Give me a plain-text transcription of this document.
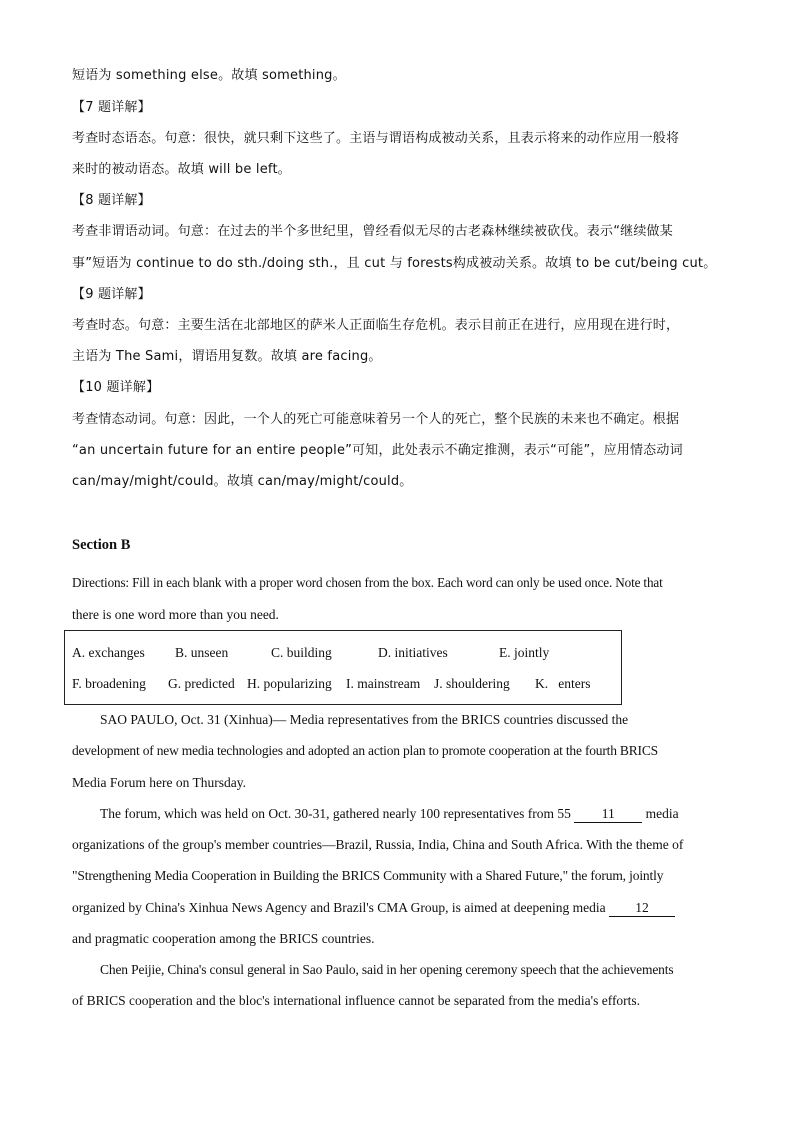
短语为 something else。故填 something。
【7 题详解】
考查时态语态。句意：很快，就只剩下这些了。主语与谓语构成被动关系，且表示将来的动作应用一般将
来时的被动语态。故填 will be left。
【8 题详解】
考查非谓语动词。句意：在过去的半个多世纪里，曾经看似无尽的古老森林继续被砍伐。表示“继续做某
事”短语为 continue to do sth./doing sth.，且 cut 与 forests构成被动关系。故填 to be cut/being cut。
【9 题详解】
考查时态。句意：主要生活在北部地区的萨米人正面临生存危机。表示目前正在进行，应用现在进行时，
主语为 The Sami，谓语用复数。故填 are facing。
【10 题详解】
考查情态动词。句意：因此，一个人的死亡可能意味着另一个人的死亡，整个民族的未来也不确定。根据
“an uncertain future for an entire people”可知，此处表示不确定推测，表示“可能”，应用情态动词
can/may/might/could。故填 can/may/might/could。
Section B
Directions: Fill in each blank with a proper word chosen from the box. Each word can only be used once. Note that
there is one word more than you need.
A. exchanges B. unseen	C. building	D. initiatives	E. jointly
F. broadening G. predicted H. popularizing I. mainstream J. shouldering K.   enters
SAO PAULO, Oct. 31 (Xinhua)— Media representatives from the BRICS countries discussed the
development of new media technologies and adopted an action plan to promote cooperation at the fourth BRICS
Media Forum here on Thursday.
The forum, which was held on Oct. 30-31, gathered nearly 100 representatives from 55 11 media
organizations of the group's member countries—Brazil, Russia, India, China and South Africa. With the theme of
"Strengthening Media Cooperation in Building the BRICS Community with a Shared Future," the forum, jointly
organized by China's Xinhua News Agency and Brazil's CMA Group, is aimed at deepening media 12
and pragmatic cooperation among the BRICS countries.
Chen Peijie, China's consul general in Sao Paulo, said in her opening ceremony speech that the achievements
of BRICS cooperation and the bloc's international influence cannot be separated from the media's efforts.
